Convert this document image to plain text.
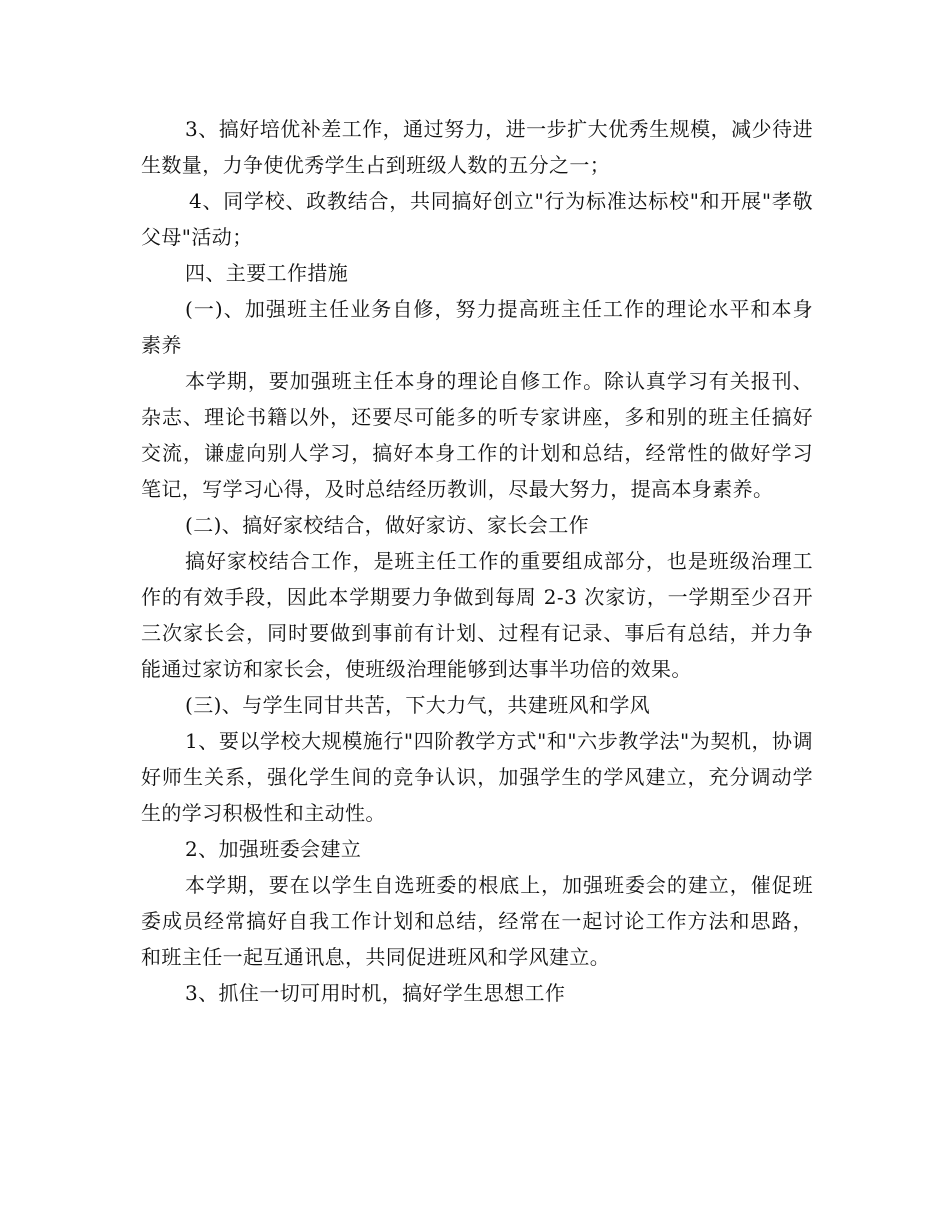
3、搞好培优补差工作，通过努力，进一步扩大优秀生规模，减少待进生数量，力争使优秀学生占到班级人数的五分之一；

4、同学校、政教结合，共同搞好创立"行为标准达标校"和开展"孝敬父母"活动；

四、主要工作措施

(一)、加强班主任业务自修，努力提高班主任工作的理论水平和本身素养

本学期，要加强班主任本身的理论自修工作。除认真学习有关报刊、杂志、理论书籍以外，还要尽可能多的听专家讲座，多和别的班主任搞好交流，谦虚向别人学习，搞好本身工作的计划和总结，经常性的做好学习笔记，写学习心得，及时总结经历教训，尽最大努力，提高本身素养。

(二)、搞好家校结合，做好家访、家长会工作

搞好家校结合工作，是班主任工作的重要组成部分，也是班级治理工作的有效手段，因此本学期要力争做到每周 2-3 次家访，一学期至少召开三次家长会，同时要做到事前有计划、过程有记录、事后有总结，并力争能通过家访和家长会，使班级治理能够到达事半功倍的效果。

(三)、与学生同甘共苦，下大力气，共建班风和学风

1、要以学校大规模施行"四阶教学方式"和"六步教学法"为契机，协调好师生关系，强化学生间的竞争认识，加强学生的学风建立，充分调动学生的学习积极性和主动性。

2、加强班委会建立

本学期，要在以学生自选班委的根底上，加强班委会的建立，催促班委成员经常搞好自我工作计划和总结，经常在一起讨论工作方法和思路，和班主任一起互通讯息，共同促进班风和学风建立。

3、抓住一切可用时机，搞好学生思想工作
